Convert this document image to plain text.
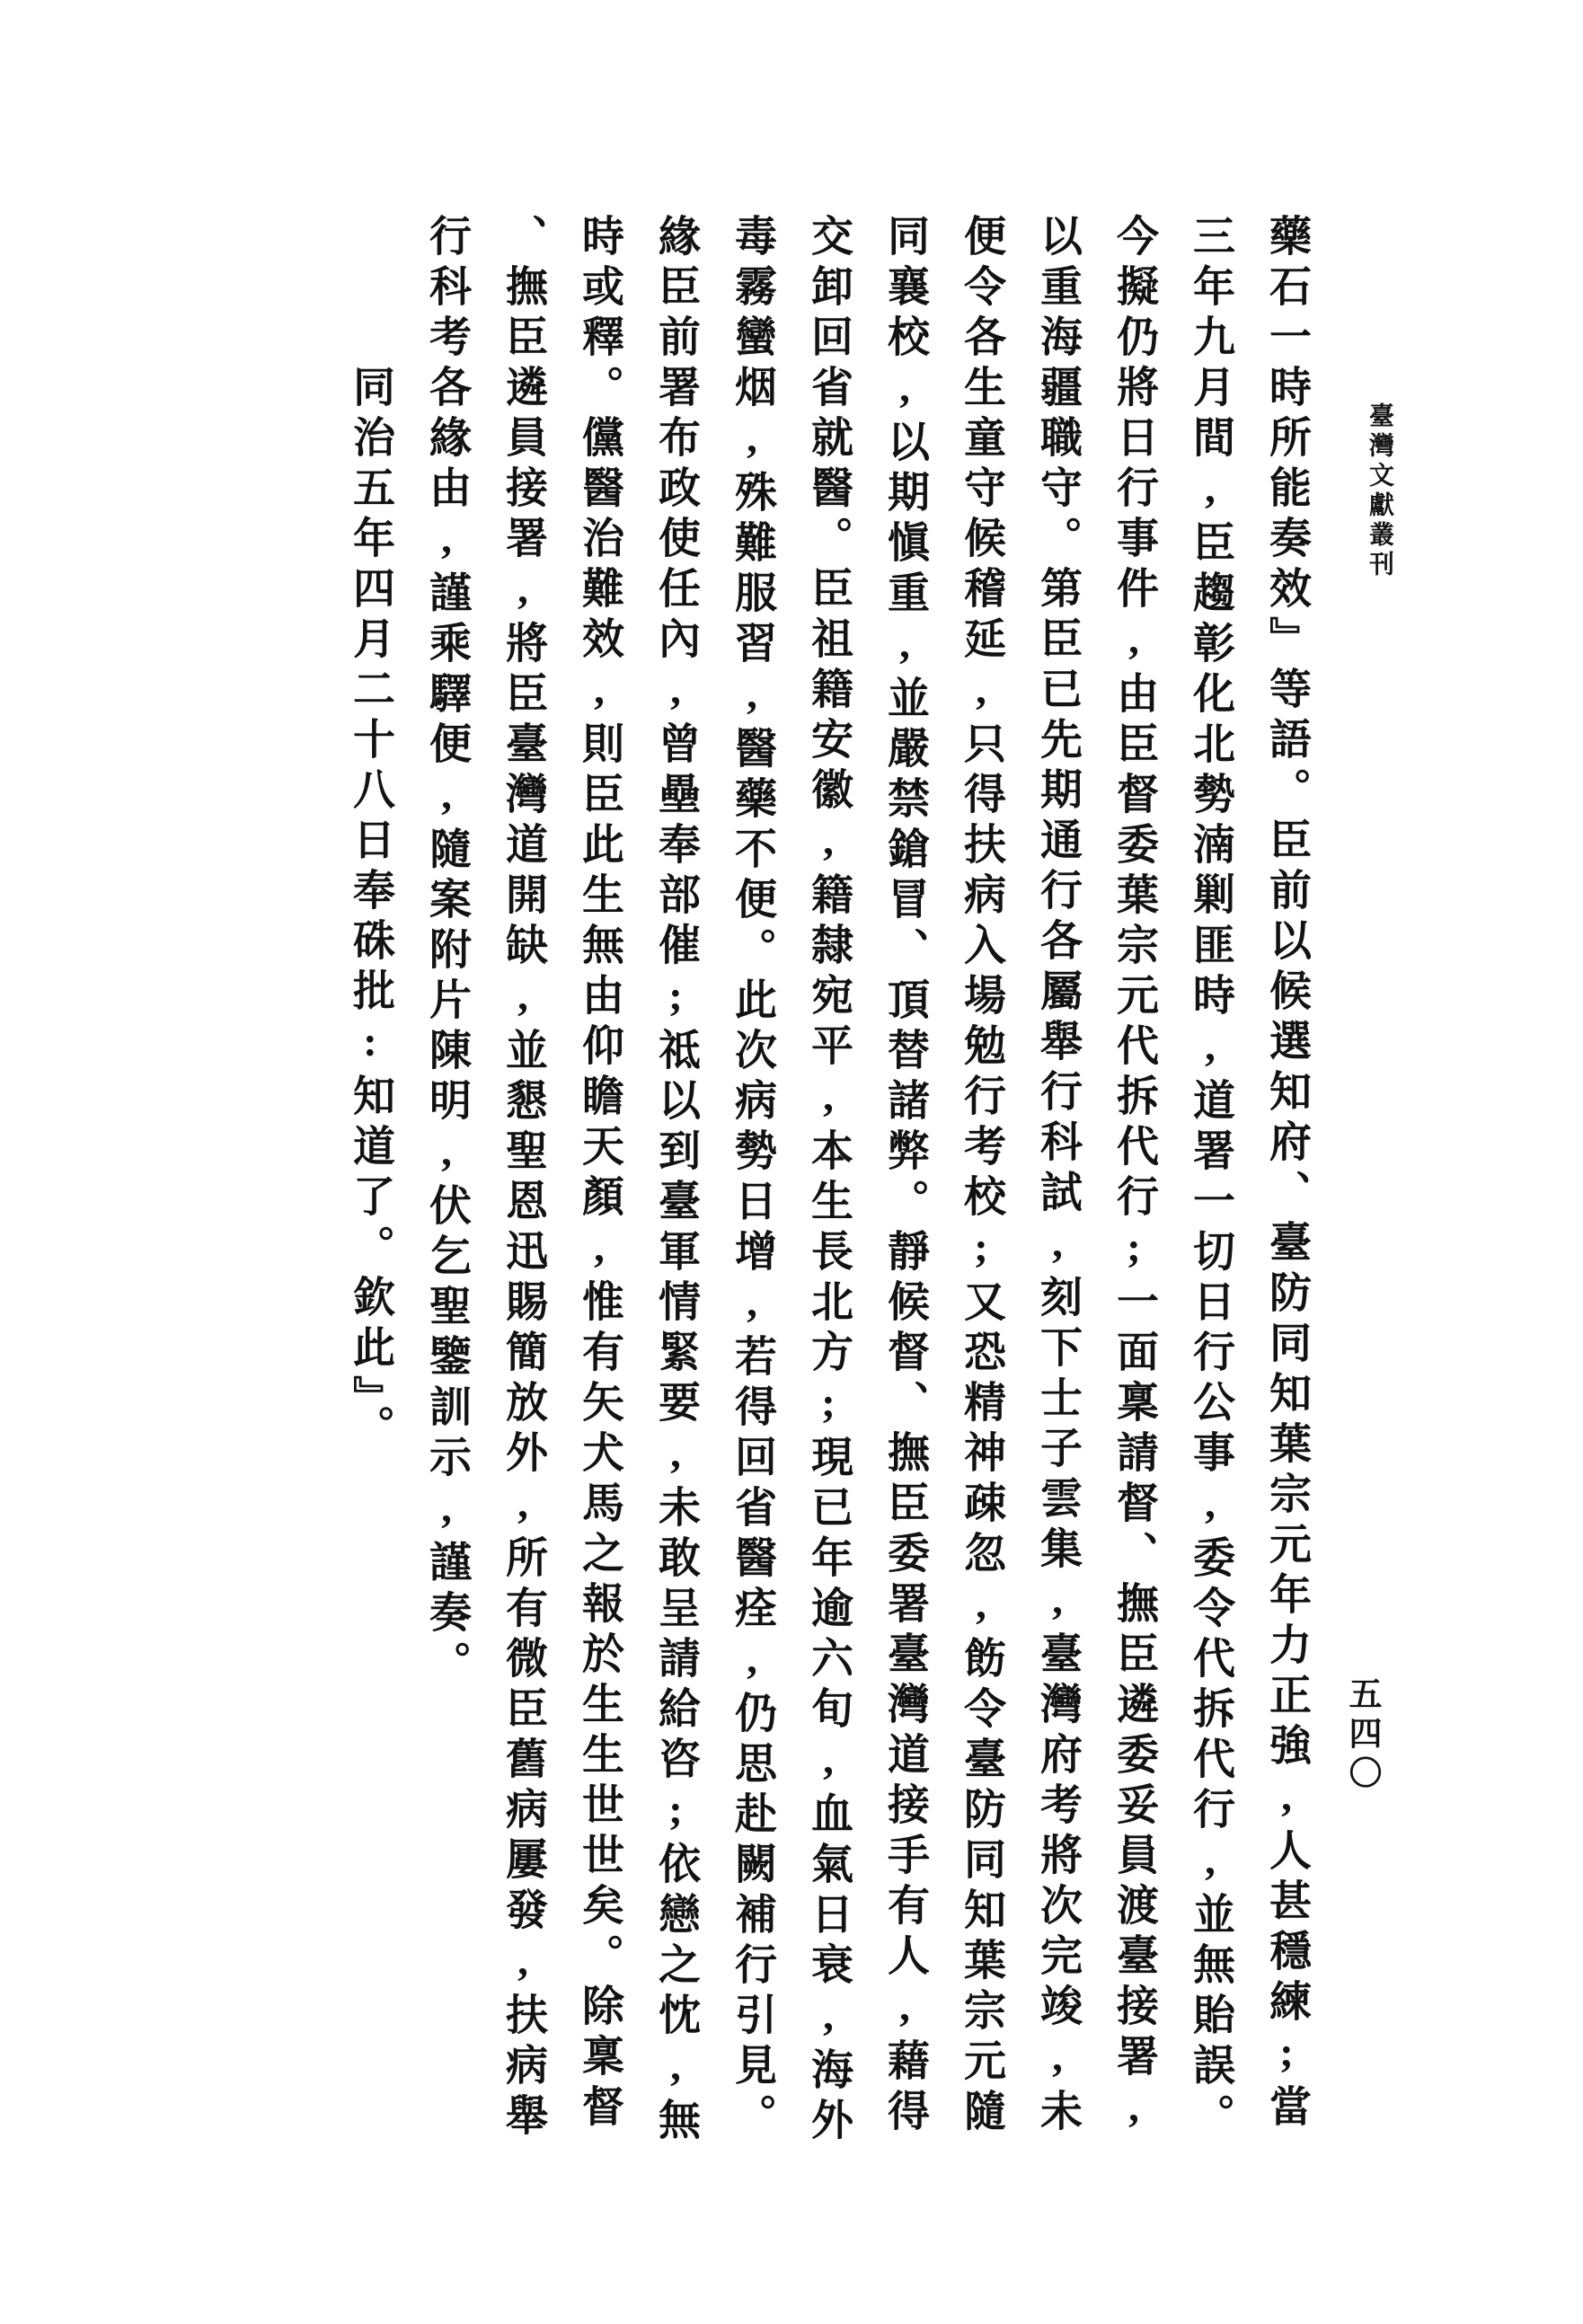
藥石一時所能奏效』等語。臣前以候選知府、臺防同知葉宗元年力正強,人甚穩練;當
三年九月間,臣趨彰化北勢湳剿匪時,道署一切日行公事,委令代拆代行,並無貽誤。
今擬仍將日行事件,由臣督委葉宗元代拆代行;一面稟請督、撫臣遴委妥員渡臺接署,
以重海疆職守。第臣已先期通行各屬舉行科試,刻下士子雲集,臺灣府考將次完竣,未
便令各生童守候稽延,只得扶病入場勉行考校;又恐精神疎忽,飭令臺防同知葉宗元隨
同襄校,以期愼重,並嚴禁鎗冒、頂替諸弊。靜候督、撫臣委署臺灣道接手有人,藉得
交卸回省就醫。臣祖籍安徽,籍隸宛平,本生長北方;現已年逾六旬,血氣日衰,海外
毒霧蠻烟,殊難服習,醫藥不便。此次病勢日增,若得回省醫痊,仍思赴闕補行引見。
緣臣前署布政使任內,曾壘奉部催;祗以到臺軍情緊要,未敢呈請給咨;依戀之忱,無
時或釋。儻醫治難效,則臣此生無由仰瞻天顏,惟有矢犬馬之報於生生世世矣。除稟督
、撫臣遴員接署,將臣臺灣道開缺,並懇聖恩迅賜簡放外,所有微臣舊病屢發,扶病舉
行科考各緣由,謹乘驛便,隨案附片陳明,伏乞聖鑒訓示,謹奏。
同治五年四月二十八日奉硃批:知道了。欽此』。	臺灣文獻叢刊
五四〇
